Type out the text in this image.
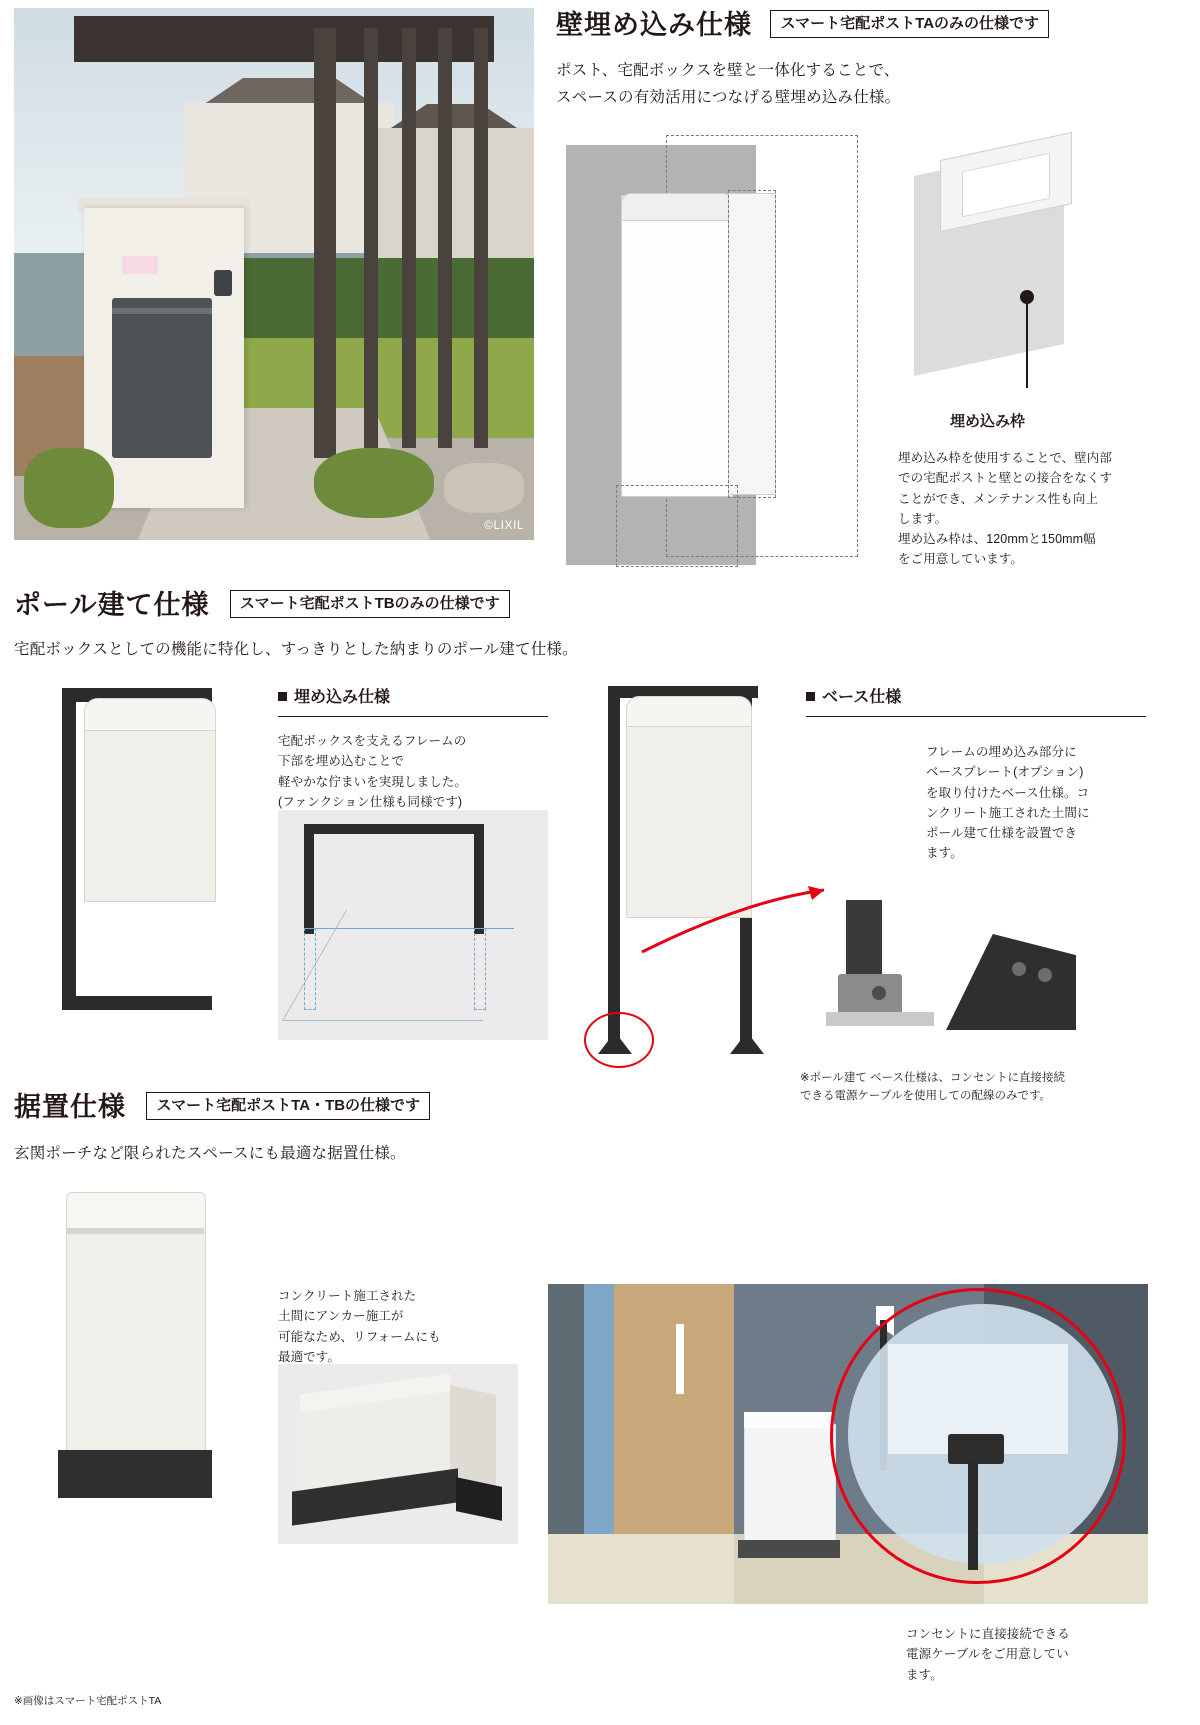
©LIXIL
壁埋め込み仕様 スマート宅配ポストTAのみの仕様です
ポスト、宅配ボックスを壁と一体化することで、
スペースの有効活用につなげる壁埋め込み仕様。
埋め込み枠
埋め込み枠を使用することで、壁内部
での宅配ポストと壁との接合をなくす
ことができ、メンテナンス性も向上
します。
埋め込み枠は、120mmと150mm幅
をご用意しています。
ポール建て仕様 スマート宅配ポストTBのみの仕様です
宅配ボックスとしての機能に特化し、すっきりとした納まりのポール建て仕様。
埋め込み仕様
宅配ボックスを支えるフレームの
下部を埋め込むことで
軽やかな佇まいを実現しました。
(ファンクション仕様も同様です)
ベース仕様
フレームの埋め込み部分に
ベースプレート(オプション)
を取り付けたベース仕様。コ
ンクリート施工された土間に
ポール建て仕様を設置でき
ます。
※ポール建て ベース仕様は、コンセントに直接接続
できる電源ケーブルを使用しての配線のみです。
据置仕様 スマート宅配ポストTA・TBの仕様です
玄関ポーチなど限られたスペースにも最適な据置仕様。
コンクリート施工された
土間にアンカー施工が
可能なため、リフォームにも
最適です。
※画像はスマート宅配ポストTA
コンセントに直接接続できる
電源ケーブルをご用意してい
ます。
